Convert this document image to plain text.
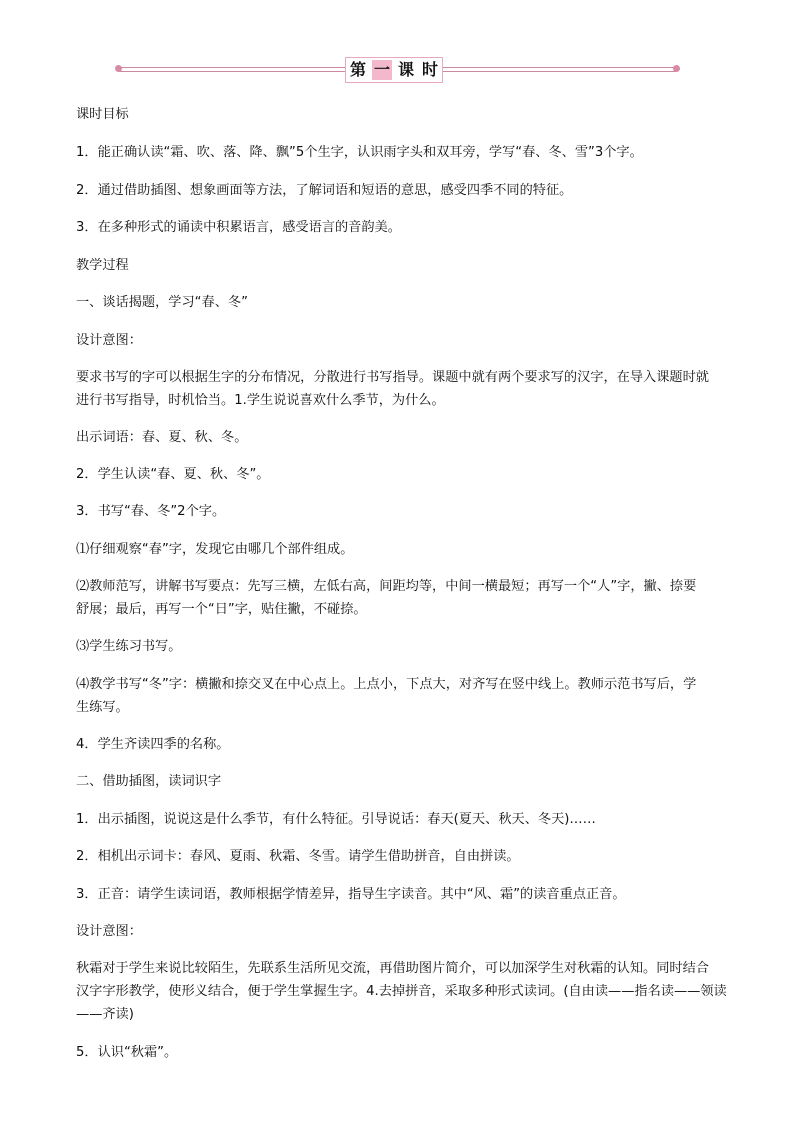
第 一 课 时
课时目标
1．能正确认读“霜、吹、落、降、飘”5个生字，认识雨字头和双耳旁，学写“春、冬、雪”3个字。
2．通过借助插图、想象画面等方法，了解词语和短语的意思，感受四季不同的特征。
3．在多种形式的诵读中积累语言，感受语言的音韵美。
教学过程
一、谈话揭题，学习“春、冬”
设计意图：
要求书写的字可以根据生字的分布情况，分散进行书写指导。课题中就有两个要求写的汉字，在导入课题时就
进行书写指导，时机恰当。1.学生说说喜欢什么季节，为什么。
出示词语：春、夏、秋、冬。
2．学生认读“春、夏、秋、冬”。
3．书写“春、冬”2个字。
⑴仔细观察“春”字，发现它由哪几个部件组成。
⑵教师范写，讲解书写要点：先写三横，左低右高，间距均等，中间一横最短；再写一个“人”字，撇、捺要
舒展；最后，再写一个“日”字，贴住撇，不碰捺。
⑶学生练习书写。
⑷教学书写“冬”字：横撇和捺交叉在中心点上。上点小，下点大，对齐写在竖中线上。教师示范书写后，学
生练写。
4．学生齐读四季的名称。
二、借助插图，读词识字
1．出示插图，说说这是什么季节，有什么特征。引导说话：春天(夏天、秋天、冬天)……
2．相机出示词卡：春风、夏雨、秋霜、冬雪。请学生借助拼音，自由拼读。
3．正音：请学生读词语，教师根据学情差异，指导生字读音。其中“风、霜”的读音重点正音。
设计意图：
秋霜对于学生来说比较陌生，先联系生活所见交流，再借助图片简介，可以加深学生对秋霜的认知。同时结合
汉字字形教学，使形义结合，便于学生掌握生字。4.去掉拼音，采取多种形式读词。(自由读——指名读——领读
——齐读)
5．认识“秋霜”。
